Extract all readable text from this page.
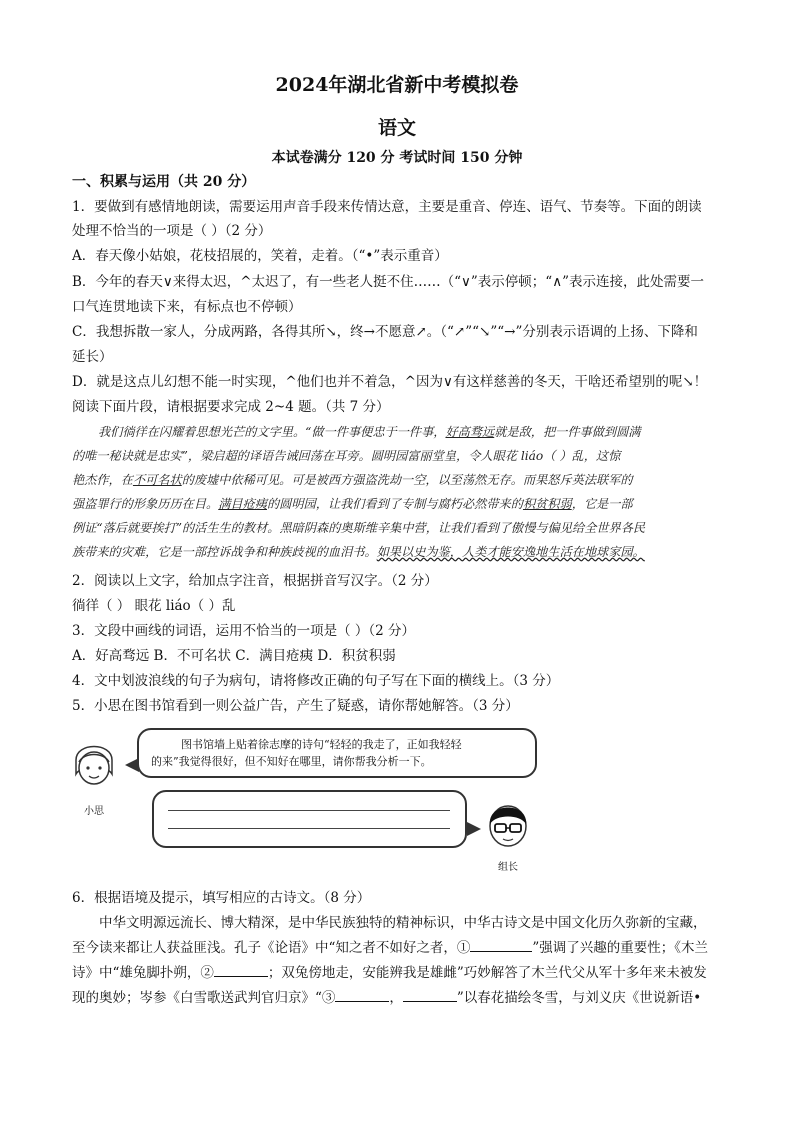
2024年湖北省新中考模拟卷
语文
本试卷满分 120 分 考试时间 150 分钟
一、积累与运用（共 20 分）
1．要做到有感情地朗读，需要运用声音手段来传情达意，主要是重音、停连、语气、节奏等。下面的朗读
处理不恰当的一项是（ ）（2 分）
A．春天像小姑娘，花枝招展的，笑着，走着。（“•”表示重音）
B．今年的春天∨来得太迟，^太迟了，有一些老人挺不住……（“∨”表示停顿；“∧”表示连接，此处需要一
口气连贯地读下来，有标点也不停顿）
C．我想拆散一家人，分成两路，各得其所↘，终→不愿意↗。（“↗”“↘”“→”分别表示语调的上扬、下降和
延长）
D．就是这点儿幻想不能一时实现，^他们也并不着急，^因为∨有这样慈善的冬天，干啥还希望别的呢↘！
阅读下面片段，请根据要求完成 2~4 题。（共 7 分）
我们徜徉在闪耀着思想光芒的文字里。“做一件事便忠于一件事，好高骛远就是敌，把一件事做到圆满
的唯一秘诀就是忠实”，梁启超的译语告诫回荡在耳旁。圆明园富丽堂皇，令人眼花 liáo（ ）乱，这惊
艳杰作，在不可名状的废墟中依稀可见。可是被西方强盗洗劫一空，以至荡然无存。而果怒斥英法联军的
强盗罪行的形象历历在目。满目疮痍的圆明园，让我们看到了专制与腐朽必然带来的积贫积弱，它是一部
例证“落后就要挨打”的活生生的教材。黑暗阴森的奥斯维辛集中营，让我们看到了傲慢与偏见给全世界各民
族带来的灾难，它是一部控诉战争和种族歧视的血泪书。如果以史为鉴，人类才能安逸地生活在地球家园。
2．阅读以上文字，给加点字注音，根据拼音写汉字。（2 分）
徜徉（ ） 眼花 liáo（ ）乱
3．文段中画线的词语，运用不恰当的一项是（ ）（2 分）
A．好高骛远 B．不可名状 C．满目疮痍 D．积贫积弱
4．文中划波浪线的句子为病句，请将修改正确的句子写在下面的横线上。（3 分）
5．小思在图书馆看到一则公益广告，产生了疑惑，请你帮她解答。（3 分）
小思
图书馆墙上贴着徐志摩的诗句“轻轻的我走了，正如我轻轻
的来”我觉得很好，但不知好在哪里，请你帮我分析一下。
组长
6．根据语境及提示，填写相应的古诗文。（8 分）
中华文明源远流长、博大精深，是中华民族独特的精神标识，中华古诗文是中国文化历久弥新的宝藏，
至今读来都让人获益匪浅。孔子《论语》中“知之者不如好之者，①	”强调了兴趣的重要性；《木兰
诗》中“雄兔脚扑朔，②	；双兔傍地走，安能辨我是雄雌”巧妙解答了木兰代父从军十多年来未被发
现的奥妙；岑参《白雪歌送武判官归京》“③	，	”以春花描绘冬雪，与刘义庆《世说新语•
